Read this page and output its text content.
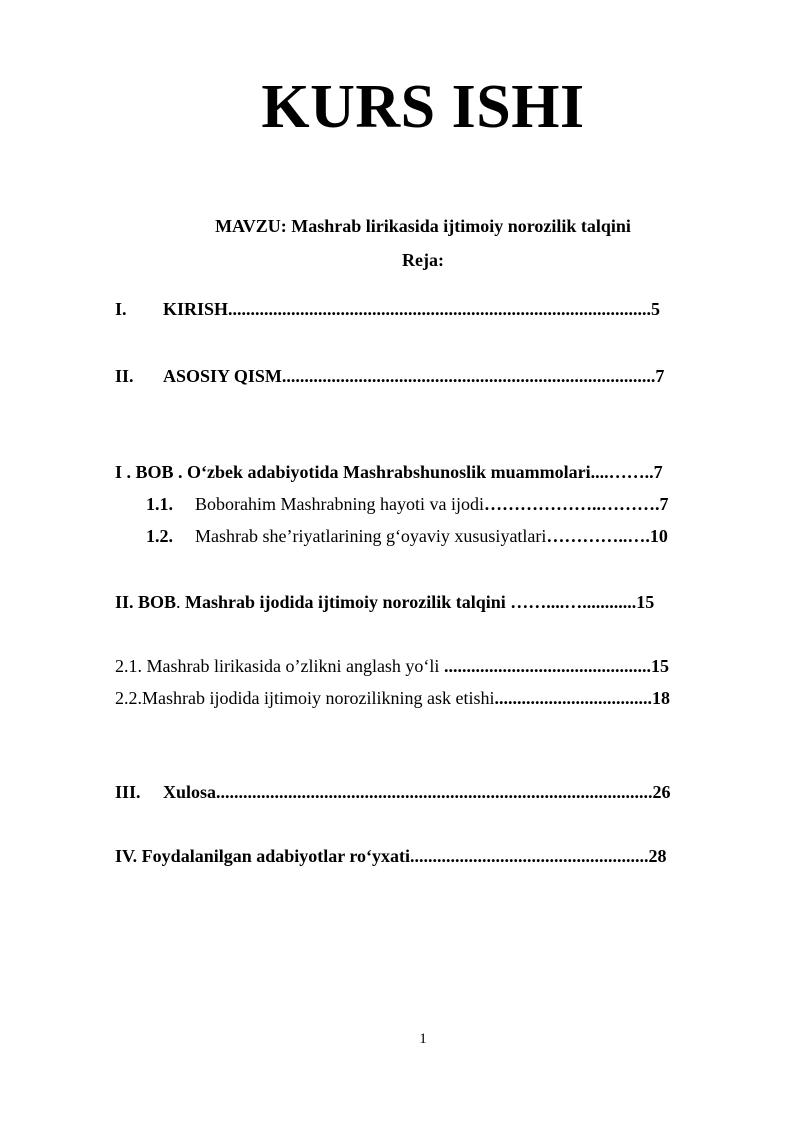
KURS ISHI
MAVZU: Mashrab lirikasida ijtimoiy norozilik talqini
Reja:
I. KIRISH..............................................................................................5
II. ASOSIY QISM...................................................................................7
I . BOB . O‘zbek adabiyotida Mashrabshunoslik muammolari....……..7
1.1. Boborahim Mashrabning hayoti va ijodi………………..……….7
1.2. Mashrab she’riyatlarining g‘oyaviy xususiyatlari…………..….10
II. BOB. Mashrab ijodida ijtimoiy norozilik talqini ……....…............15
2.1. Mashrab lirikasida o’zlikni anglash yo‘li ..............................................15
2.2.Mashrab ijodida ijtimoiy norozilikning ask etishi...................................18
III. Xulosa.................................................................................................26
IV. Foydalanilgan adabiyotlar ro‘yxati.....................................................28
1
